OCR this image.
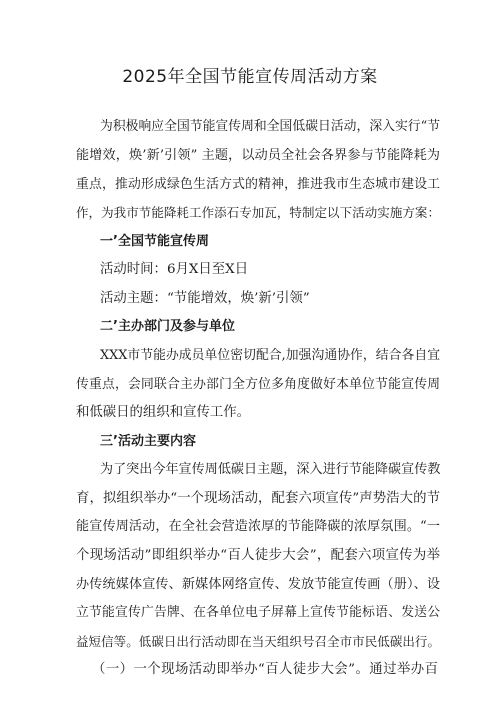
2025年全国节能宣传周活动方案
为积极响应全国节能宣传周和全国低碳日活动，深入实行“节
能增效，焕’新’引领” 主题，以动员全社会各界参与节能降耗为
重点，推动形成绿色生活方式的精神，推进我市生态城市建设工
作，为我市节能降耗工作添石专加瓦，特制定以下活动实施方案：
一’全国节能宣传周
活动时间：6月X日至X日
活动主题：“节能增效，焕’新’引领”
二’主办部门及参与单位
XXX市节能办成员单位密切配合,加强沟通协作，结合各自宜
传重点，会同联合主办部门全方位多角度做好本单位节能宣传周
和低碳日的组织和宣传工作。
三’活动主要内容
为了突出今年宣传周低碳日主题，深入进行节能降碳宣传教
育，拟组织举办“一个现场活动，配套六项宣传”声势浩大的节
能宣传周活动，在全社会营造浓厚的节能降碳的浓厚氛围。“一
个现场活动”即组织举办“百人徒步大会”，配套六项宣传为举
办传统媒体宣传、新媒体网络宣传、发放节能宣传画（册）、设
立节能宣传广告牌、在各单位电子屏幕上宣传节能标语、发送公
益短信等。低碳日出行活动即在当天组织号召全市市民低碳出行。
（一）一个现场活动即举办“百人徒步大会”。通过举办百
